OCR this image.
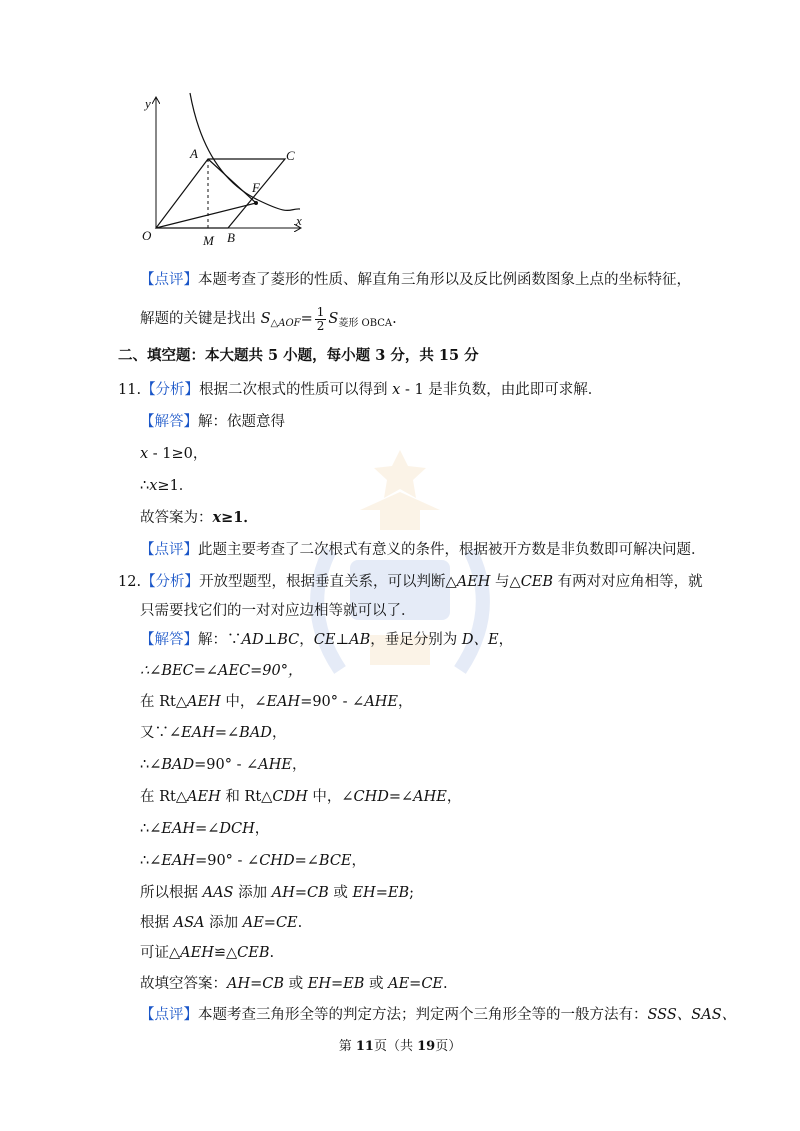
y
x
A	C
F
O	M B
【点评】本题考查了菱形的性质、解直角三角形以及反比例函数图象上点的坐标特征，
解题的关键是找出 $S_{\triangle AOF}= \frac{1}{2} S_{菱形 OBCA}$.
二、填空题：本大题共 5 小题，每小题 3 分，共 15 分
11.【分析】根据二次根式的性质可以得到 x - 1 是非负数，由此即可求解．
【解答】解：依题意得
x - 1≥0，
∴x≥1．
故答案为：x≥1．
【点评】此题主要考查了二次根式有意义的条件，根据被开方数是非负数即可解决问题．
12.【分析】开放型题型，根据垂直关系，可以判断△AEH 与△CEB 有两对对应角相等，就
只需要找它们的一对对应边相等就可以了．
【解答】解：∵AD⊥BC，CE⊥AB，垂足分别为 D、E，
∴∠BEC=∠AEC=90°，
在 Rt△AEH 中，∠EAH=90° - ∠AHE，
又∵∠EAH=∠BAD，
∴∠BAD=90° - ∠AHE，
在 Rt△AEH 和 Rt△CDH 中，∠CHD=∠AHE，
∴∠EAH=∠DCH，
∴∠EAH=90° - ∠CHD=∠BCE，
所以根据 AAS 添加 AH=CB 或 EH=EB;
根据 ASA 添加 AE=CE.
可证△AEH≌△CEB.
故填空答案：AH=CB 或 EH=EB 或 AE=CE.
【点评】本题考查三角形全等的判定方法；判定两个三角形全等的一般方法有：SSS、SAS、
第 11页（共 19页）
